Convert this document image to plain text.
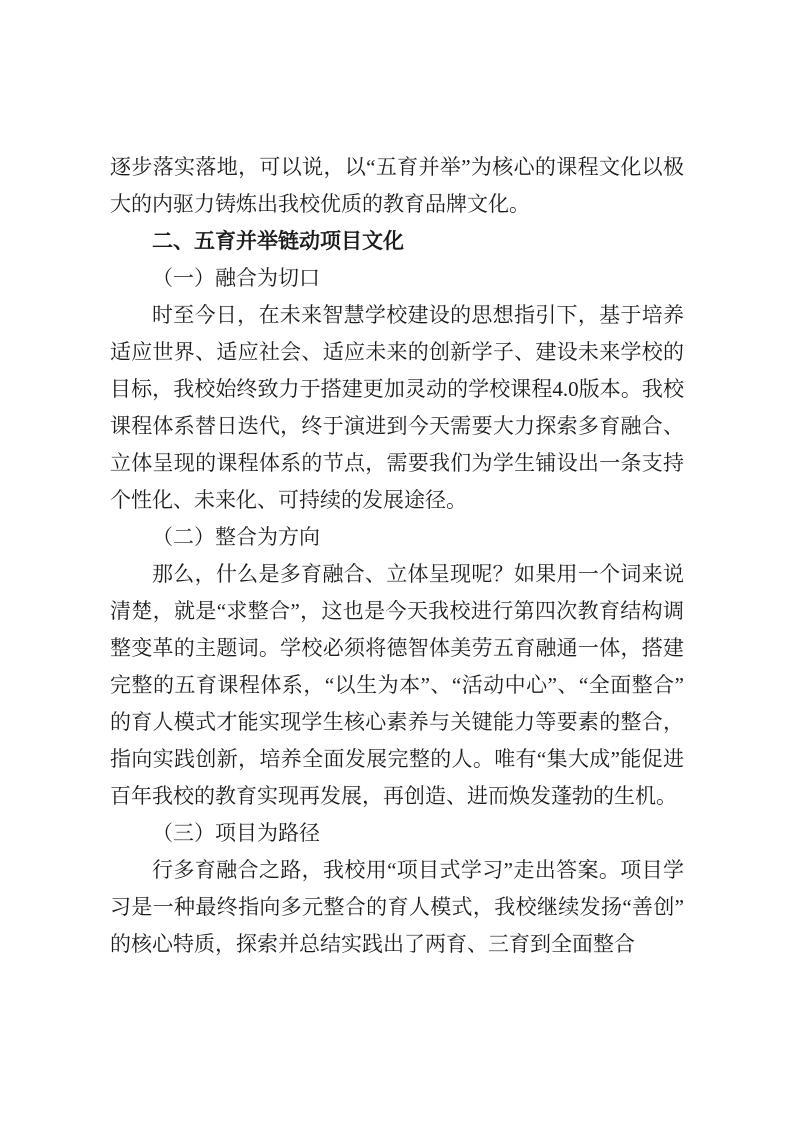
逐步落实落地，可以说，以“五育并举”为核心的课程文化以极大的内驱力铸炼出我校优质的教育品牌文化。

二、五育并举链动项目文化

（一）融合为切口

时至今日，在未来智慧学校建设的思想指引下，基于培养适应世界、适应社会、适应未来的创新学子、建设未来学校的目标，我校始终致力于搭建更加灵动的学校课程4.0版本。我校课程体系替日迭代，终于演进到今天需要大力探索多育融合、立体呈现的课程体系的节点，需要我们为学生铺设出一条支持个性化、未来化、可持续的发展途径。

（二）整合为方向

那么，什么是多育融合、立体呈现呢？如果用一个词来说清楚，就是“求整合”，这也是今天我校进行第四次教育结构调整变革的主题词。学校必须将德智体美劳五育融通一体，搭建完整的五育课程体系，“以生为本”、“活动中心”、“全面整合”的育人模式才能实现学生核心素养与关键能力等要素的整合，指向实践创新，培养全面发展完整的人。唯有“集大成”能促进百年我校的教育实现再发展，再创造、进而焕发蓬勃的生机。

（三）项目为路径

行多育融合之路，我校用“项目式学习”走出答案。项目学习是一种最终指向多元整合的育人模式，我校继续发扬“善创”的核心特质，探索并总结实践出了两育、三育到全面整合
